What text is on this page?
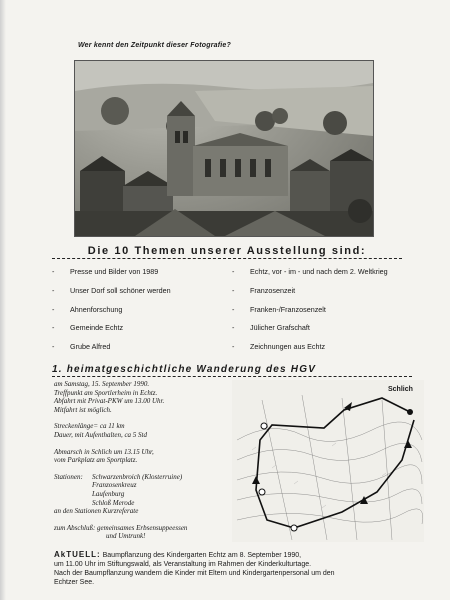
Wer kennt den Zeitpunkt dieser Fotografie?
Die 10 Themen unserer Ausstellung sind:
-	Presse und Bilder von 1989	-	Echtz, vor - im - und nach dem 2. Weltkrieg
-	Unser Dorf soll schöner werden	-	Franzosenzeit
-	Ahnenforschung	-	Franken-/Franzosenzelt
-	Gemeinde Echtz	-	Jülicher Grafschaft
-	Grube Alfred	-	Zeichnungen aus Echtz
1. heimatgeschichtliche Wanderung des HGV
am Samstag, 15. September 1990.
Treffpunkt am Sportlerheim in Echtz.
Abfahrt mit Privat-PKW um 13.00 Uhr.
Mitfahrt ist möglich.
Streckenlänge= ca 11 km
Dauer, mit Aufenthalten, ca 5 Std
Abmarsch in Schlich um 13.15 Uhr,
vom Parkplatz am Sportplatz.
Stationen:	Schwarzenbroich (Klosterruine)
Franzosenkreuz
Laufenburg
Schloß Merode
an den Stationen Kurzreferate
zum Abschluß: gemeinsames Erbsensuppeessen
und Umtrunk!
Schlich
AkTUELL: Baumpflanzung des Kindergarten Echtz am 8. September 1990,
um 11.00 Uhr im Stiftungswald, als Veranstaltung im Rahmen der Kinderkulturtage.
Nach der Baumpflanzung wandern die Kinder mit Eltern und Kindergartenpersonal um den
Echtzer See.
